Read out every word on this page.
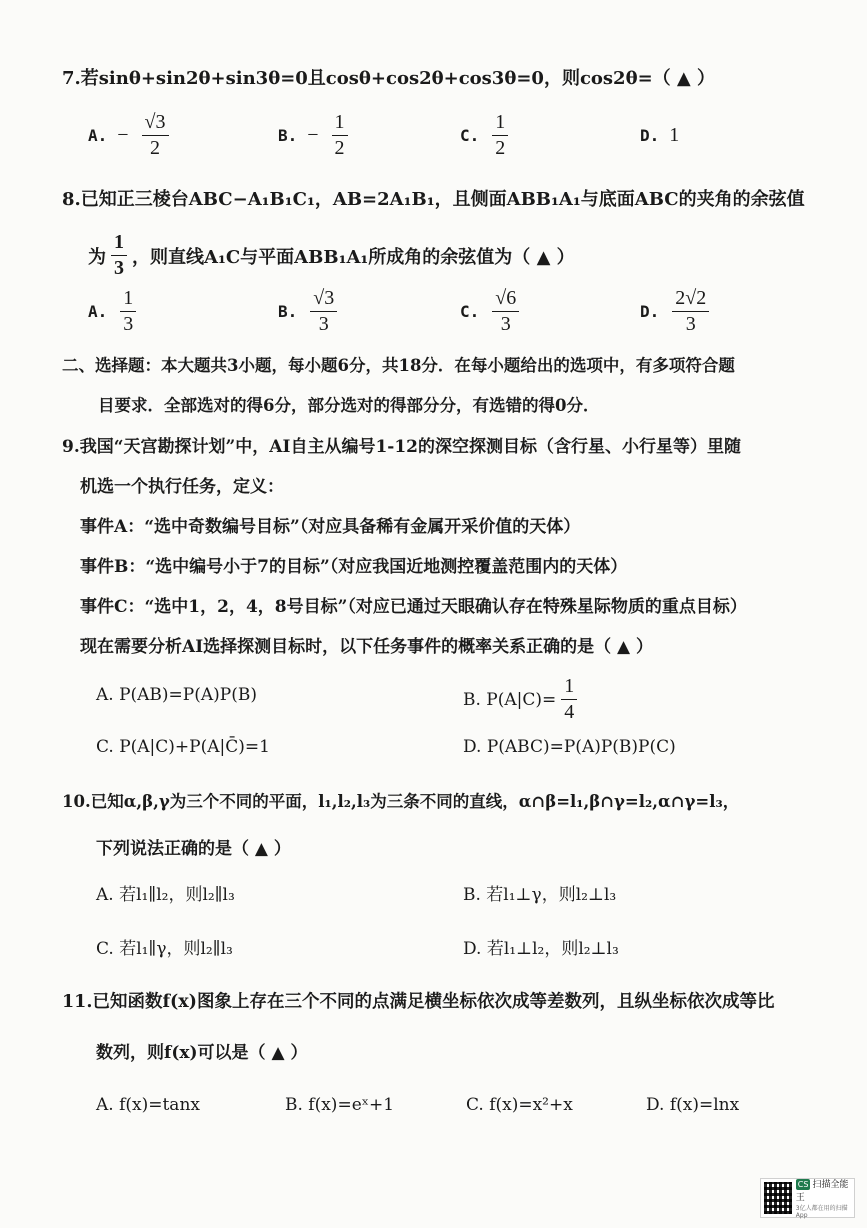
7.若sinθ+sin2θ+sin3θ=0且cosθ+cos2θ+cos3θ=0，则cos2θ=（ ▲ ）
A. − $\frac{√3}{2}$	B. − $\frac{1}{2}$	C. $\frac{1}{2}$	D. 1
8.已知正三棱台ABC−A₁B₁C₁，AB=2A₁B₁，且侧面ABB₁A₁与底面ABC的夹角的余弦值
为 $\frac{1}{3}$ ，则直线A₁C与平面ABB₁A₁所成角的余弦值为（ ▲ ）
A. $\frac{1}{3}$	B. $\frac{√3}{3}$	C. $\frac{√6}{3}$	D. $\frac{2√2}{3}$
二、选择题：本大题共3小题，每小题6分，共18分．在每小题给出的选项中，有多项符合题
目要求．全部选对的得6分，部分选对的得部分分，有选错的得0分．
9.我国“天宫勘探计划”中，AI自主从编号1-12的深空探测目标（含行星、小行星等）里随
机选一个执行任务，定义：
事件A：“选中奇数编号目标”（对应具备稀有金属开采价值的天体）
事件B：“选中编号小于7的目标”（对应我国近地测控覆盖范围内的天体）
事件C：“选中1，2，4，8号目标”（对应已通过天眼确认存在特殊星际物质的重点目标）
现在需要分析AI选择探测目标时，以下任务事件的概率关系正确的是（ ▲ ）
A. P(AB)=P(A)P(B)	B. $P(A|C)= \frac{1}{4}$
C. P(A|C)+P(A|C̄)=1	D. P(ABC)=P(A)P(B)P(C)
10.已知α,β,γ为三个不同的平面，l₁,l₂,l₃为三条不同的直线，α∩β=l₁,β∩γ=l₂,α∩γ=l₃，
下列说法正确的是（ ▲ ）
A. 若l₁∥l₂，则l₂∥l₃	B. 若l₁⊥γ，则l₂⊥l₃
C. 若l₁∥γ，则l₂∥l₃	D. 若l₁⊥l₂，则l₂⊥l₃
11.已知函数f(x)图象上存在三个不同的点满足横坐标依次成等差数列，且纵坐标依次成等比
数列，则f(x)可以是（ ▲ ）
A. f(x)=tanx	B. f(x)=eˣ+1	C. f(x)=x²+x	D. f(x)=lnx
CS 扫描全能王
3亿人都在用的扫描App
